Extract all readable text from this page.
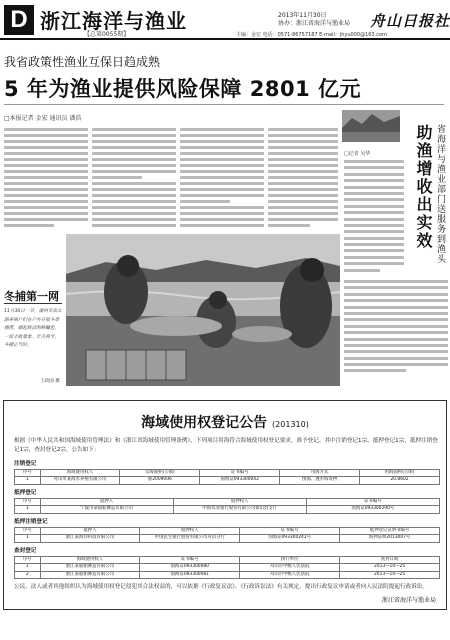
D 浙江海洋与渔业
【总第0055期】
2013年11月30日
协办：浙江省海洋与渔业局 舟山日报社
主编：金宏 电话：0571-86757187 E-mail：jhyu000@163.com
我省政策性渔业互保日趋成熟
5 年为渔业提供风险保障 2801 亿元
□本报记者 金宏 通讯员 潘浩
冬捕第一网
11月30日一早，湖州市南太湖养殖户们在户外开展冬季捕捞，捕起鲜活的鲢鳙鱼，一派丰收景象。年关将至，冬捕正当时。
王政国 摄
省海洋与渔业部门送服务到渔头
助渔增收出实效
□记者 吴华
海域使用权登记公告 (201310)
根据《中华人民共和国海域使用管理法》和《浙江省海域使用管理条例》，下列项目用海符合海域使用权登记要求，准予登记。其中注销登记1宗，抵押登记1宗，抵押注销登记1宗，查封登记2宗。公告如下：
注销登记
序号	海域使用权人	宗海面积(公顷)	证书编号	用海方式	用海面积(公顷)
1	舟山市某海水养殖有限公司	浙2009006	国海证093300042	围海、透水构筑物	20.8602
抵押登记
序号	抵押人	抵押权人	证书编号
1	宁波市某船舶修造有限公司	中国农业银行股份有限公司象山县支行	国海证093300290号
抵押注销登记
序号	抵押人	抵押权人	证书编号	抵押登记证明书编号
1	浙江某海洋科技有限公司	中国民生银行股份有限公司舟山分行	国海证093300241号	海押证明2013007号
查封登记
序号	海域使用权人	证书编号	执行单位	查封日期
1	浙江某船舶修造有限公司	国海证093300080	舟山市中级人民法院	2013—10—25
2	浙江某船舶修造有限公司	国海证093300081	舟山市中级人民法院	2013—10—25
公民、法人或者其他组织认为海域使用权登记侵犯其合法权益的，可以依据《行政复议法》、《行政诉讼法》有关规定，提出行政复议申请或者向人民法院提起行政诉讼。
浙江省海洋与渔业局
